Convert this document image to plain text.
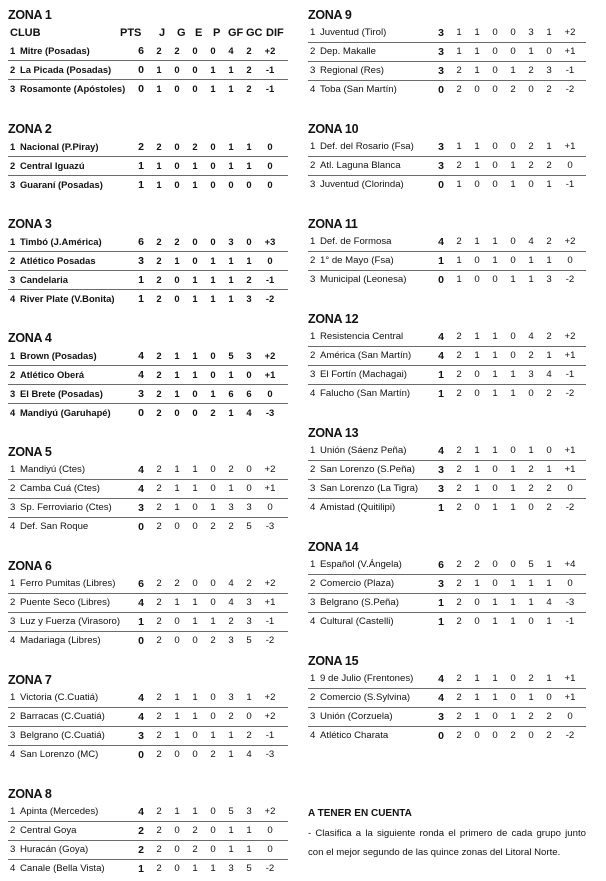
ZONA 1
CLUB	PTS J G E P GF GC DIF
1 Mitre (Posadas)	6	2	2	0	0	4	2	+2
2 La Picada (Posadas)	0	1	0	0	1	1	2	-1
3 Rosamonte (Apóstoles) 0	1	0	0	1	1	2	-1
ZONA 2
1 Nacional (P.Piray)	2	2	0	2	0	1	1	0
2 Central Iguazú	1	1	0	1	0	1	1	0
3 Guaraní (Posadas)	1	1	0	1	0	0	0	0
ZONA 3
1 Timbó (J.América)	6	2	2	0	0	3	0	+3
2 Atlético Posadas	3	2	1	0	1	1	1	0
3 Candelaria	1	2	0	1	1	1	2	-1
4 River Plate (V.Bonita) 1	2	0	1	1	1	3	-2
ZONA 4
1 Brown (Posadas)	4	2	1	1	0	5	3	+2
2 Atlético Oberá	4	2	1	1	0	1	0	+1
3 El Brete (Posadas)	3	2	1	0	1	6	6	0
4 Mandiyú (Garuhapé)	0	2	0	0	2	1	4	-3
ZONA 5
1 Mandiyú (Ctes)	4	2	1	1	0	2	0	+2
2 Camba Cuá (Ctes)	4	2	1	1	0	1	0	+1
3 Sp. Ferroviario (Ctes)	3	2	1	0	1	3	3	0
4 Def. San Roque	0	2	0	0	2	2	5	-3
ZONA 6
1 Ferro Pumitas (Libres) 6	2	2	0	0	4	2	+2
2 Puente Seco (Libres)	4	2	1	1	0	4	3	+1
3 Luz y Fuerza (Virasoro) 1	2	0	1	1	2	3	-1
4 Madariaga (Libres)	0	2	0	0	2	3	5	-2
ZONA 7
1 Victoria (C.Cuatiá)	4	2	1	1	0	3	1	+2
2 Barracas (C.Cuatiá)	4	2	1	1	0	2	0	+2
3 Belgrano (C.Cuatiá)	3	2	1	0	1	1	2	-1
4 San Lorenzo (MC)	0	2	0	0	2	1	4	-3
ZONA 8
1 Apinta (Mercedes)	4	2	1	1	0	5	3	+2
2 Central Goya	2	2	0	2	0	1	1	0
3 Huracán (Goya)	2	2	0	2	0	1	1	0
4 Canale (Bella Vista)	1	2	0	1	1	3	5	-2
ZONA 9
1 Juventud (Tirol)	3	1	1	0	0	3	1	+2
2 Dep. Makalle	3	1	1	0	0	1	0	+1
3 Regional (Res)	3	2	1	0	1	2	3	-1
4 Toba (San Martín)	0	2	0	0	2	0	2	-2
ZONA 10
1 Def. del Rosario (Fsa) 3	1	1	0	0	2	1	+1
2 Atl. Laguna Blanca	3	2	1	0	1	2	2	0
3 Juventud (Clorinda)	0	1	0	0	1	0	1	-1
ZONA 11
1 Def. de Formosa	4	2	1	1	0	4	2	+2
2 1° de Mayo (Fsa)	1	1	0	1	0	1	1	0
3 Municipal (Leonesa)	0	1	0	0	1	1	3	-2
ZONA 12
1 Resistencia Central	4	2	1	1	0	4	2	+2
2 América (San Martín)	4	2	1	1	0	2	1	+1
3 El Fortín (Machagai)	1	2	0	1	1	3	4	-1
4 Falucho (San Martín)	1	2	0	1	1	0	2	-2
ZONA 13
1 Unión (Sáenz Peña)	4	2	1	1	0	1	0	+1
2 San Lorenzo (S.Peña) 3	2	1	0	1	2	1	+1
3 San Lorenzo (La Tigra) 3	2	1	0	1	2	2	0
4 Amistad (Quitilipi)	1	2	0	1	1	0	2	-2
ZONA 14
1 Español (V.Ángela)	6	2	2	0	0	5	1	+4
2 Comercio (Plaza)	3	2	1	0	1	1	1	0
3 Belgrano (S.Peña)	1	2	0	1	1	1	4	-3
4 Cultural (Castelli)	1	2	0	1	1	0	1	-1
ZONA 15
1 9 de Julio (Frentones) 4	2	1	1	0	2	1	+1
2 Comercio (S.Sylvina)	4	2	1	1	0	1	0	+1
3 Unión (Corzuela)	3	2	1	0	1	2	2	0
4 Atlético Charata	0	2	0	0	2	0	2	-2
A TENER EN CUENTA
- Clasifica a la siguiente ronda el primero de cada grupo junto con el mejor segundo de las quince zonas del Litoral Norte.
